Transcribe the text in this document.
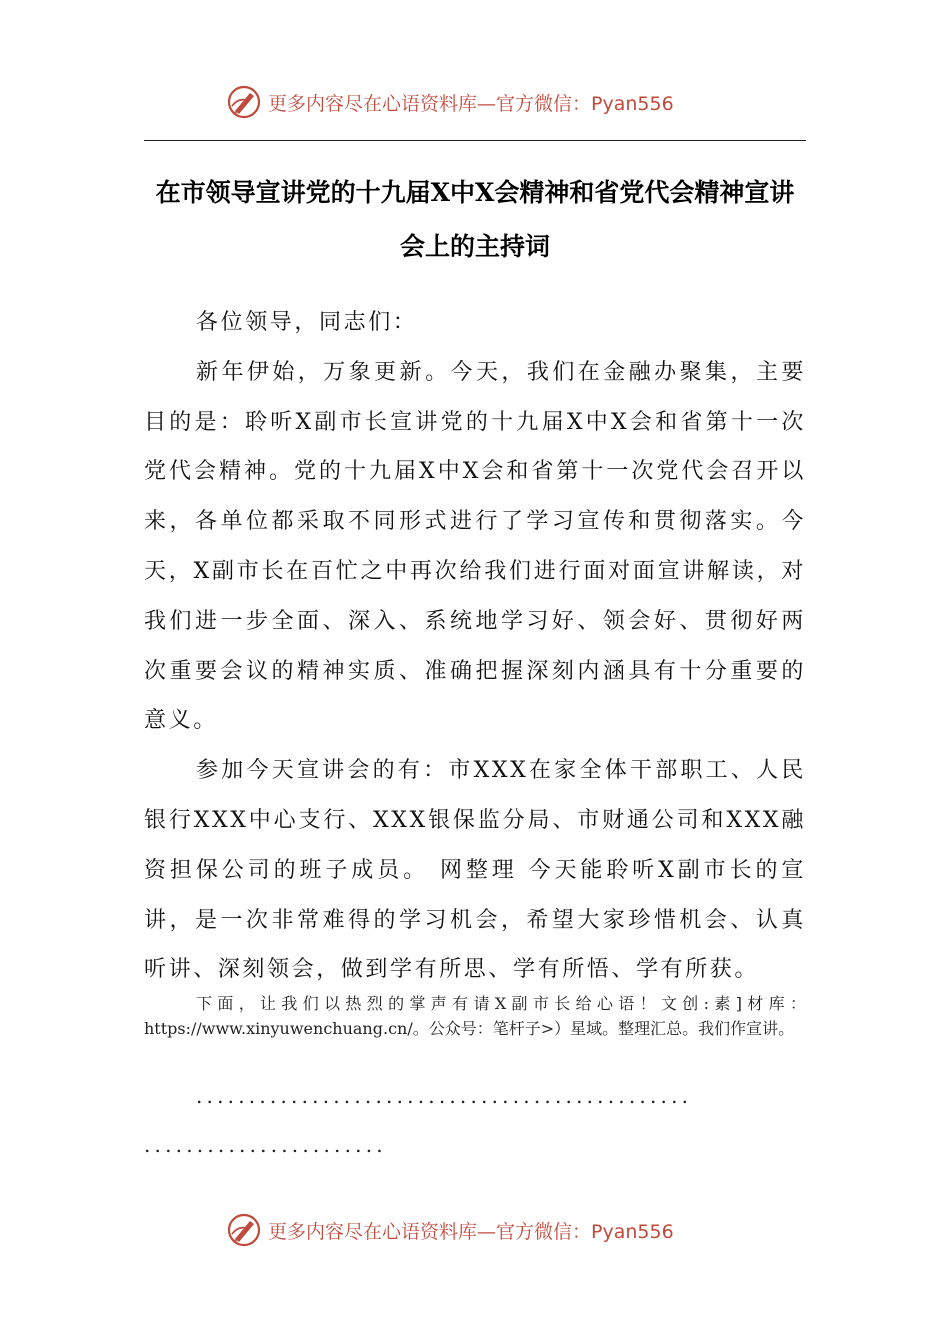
更多内容尽在心语资料库—官方微信：Pyan556
在市领导宣讲党的十九届X中X会精神和省党代会精神宣讲会上的主持词

各位领导，同志们：

新年伊始，万象更新。今天，我们在金融办聚集，主要目的是：聆听X副市长宣讲党的十九届X中X会和省第十一次党代会精神。党的十九届X中X会和省第十一次党代会召开以来，各单位都采取不同形式进行了学习宣传和贯彻落实。今天，X副市长在百忙之中再次给我们进行面对面宣讲解读，对我们进一步全面、深入、系统地学习好、领会好、贯彻好两次重要会议的精神实质、准确把握深刻内涵具有十分重要的意义。

参加今天宣讲会的有：市XXX在家全体干部职工、人民银行XXX中心支行、XXX银保监分局、市财通公司和XXX融资担保公司的班子成员。 网整理 今天能聆听X副市长的宣讲，是一次非常难得的学习机会，希望大家珍惜机会、认真听讲、深刻领会，做到学有所思、学有所悟、学有所获。

下面，让我们以热烈的掌声有请X副市长给心语！文创:素]材库：https://www.xinyuwenchuang.cn/。公众号：笔杆子>）星域。整理汇总。我们作宣讲。

...............................................
.......................
更多内容尽在心语资料库—官方微信：Pyan556
